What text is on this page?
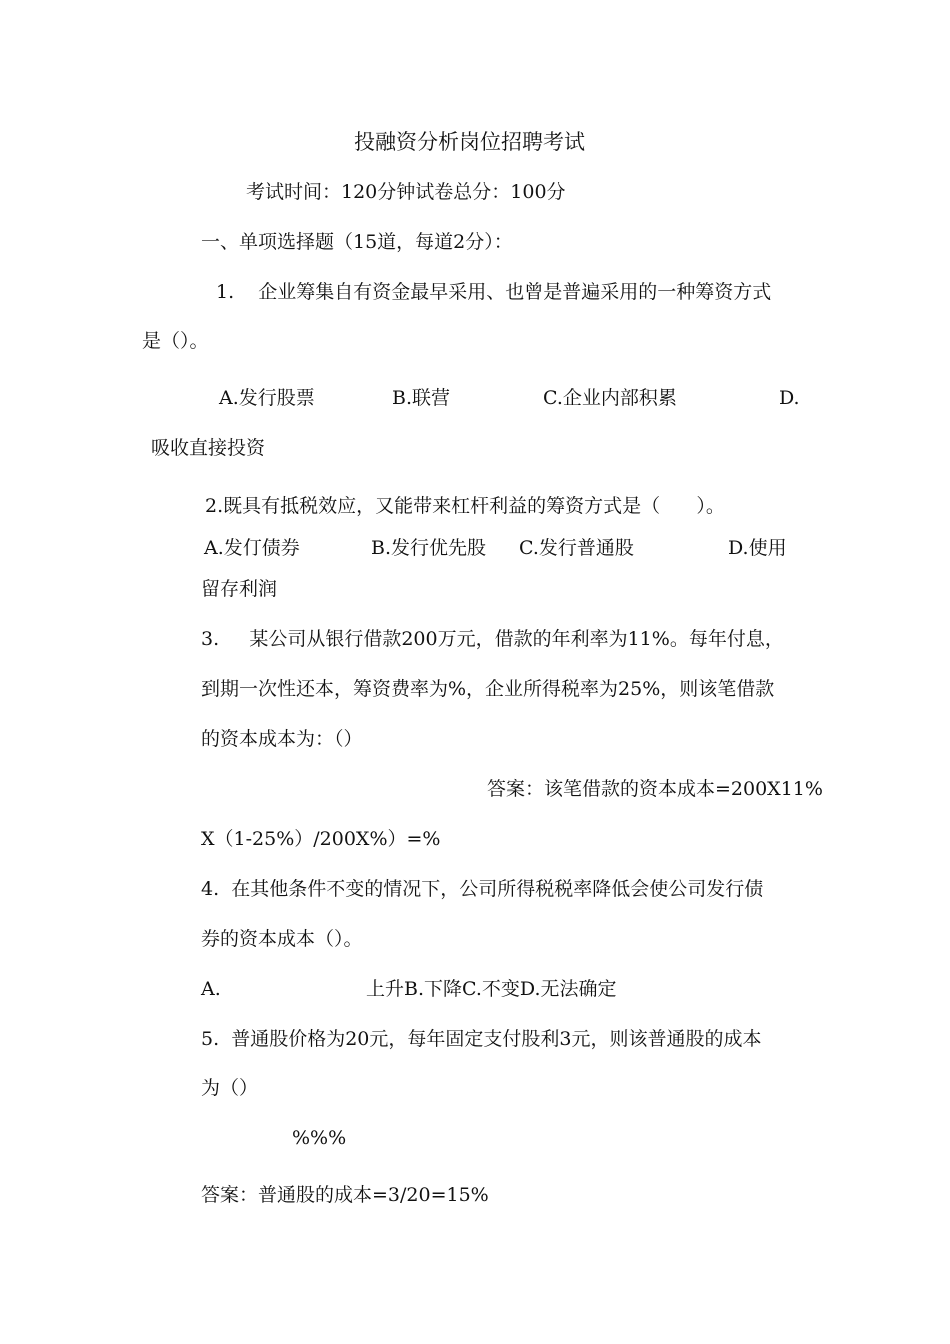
投融资分析岗位招聘考试
考试时间：120分钟试卷总分：100分
一、单项选择题（15道，每道2分）：
1.    企业筹集自有资金最早采用、也曾是普遍采用的一种筹资方式
是（）。
A.发行股票	B.联营	C.企业内部积累	D.
吸收直接投资
2.既具有抵税效应，又能带来杠杆利益的筹资方式是（      ）。
A.发仃债券	B.发行优先股 C.发行普通股	D.使用
留存利润
3.     某公司从银行借款200万元，借款的年利率为11%。每年付息，
到期一次性还本，筹资费率为%，企业所得税率为25%，则该笔借款
的资本成本为：（）
答案：该笔借款的资本成本=200X11%
X（1-25%）/200X%）=%
4.  在其他条件不变的情况下，公司所得税税率降低会使公司发行债
券的资本成本（）。
A.	上升B.下降C.不变D.无法确定
5.  普通股价格为20元，每年固定支付股利3元，则该普通股的成本
为（）
%%%
答案：普通股的成本=3/20=15%
